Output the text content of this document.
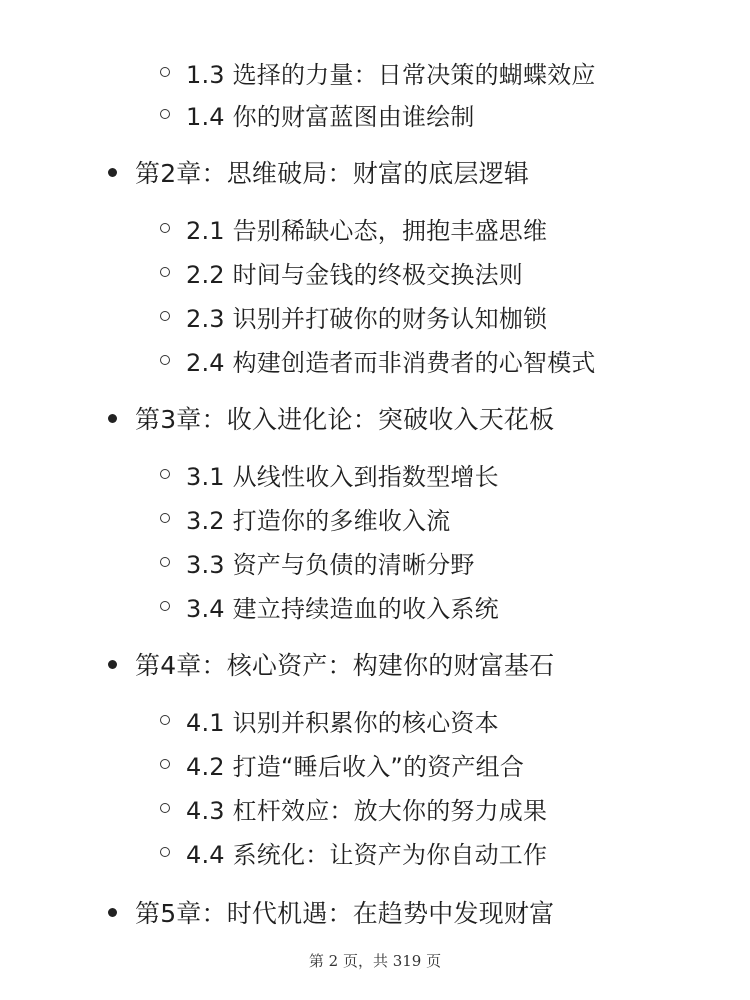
1.3 选择的力量：日常决策的蝴蝶效应
1.4 你的财富蓝图由谁绘制
第2章：思维破局：财富的底层逻辑
2.1 告别稀缺心态，拥抱丰盛思维
2.2 时间与金钱的终极交换法则
2.3 识别并打破你的财务认知枷锁
2.4 构建创造者而非消费者的心智模式
第3章：收入进化论：突破收入天花板
3.1 从线性收入到指数型增长
3.2 打造你的多维收入流
3.3 资产与负债的清晰分野
3.4 建立持续造血的收入系统
第4章：核心资产：构建你的财富基石
4.1 识别并积累你的核心资本
4.2 打造“睡后收入”的资产组合
4.3 杠杆效应：放大你的努力成果
4.4 系统化：让资产为你自动工作
第5章：时代机遇：在趋势中发现财富
第 2 页，共 319 页
